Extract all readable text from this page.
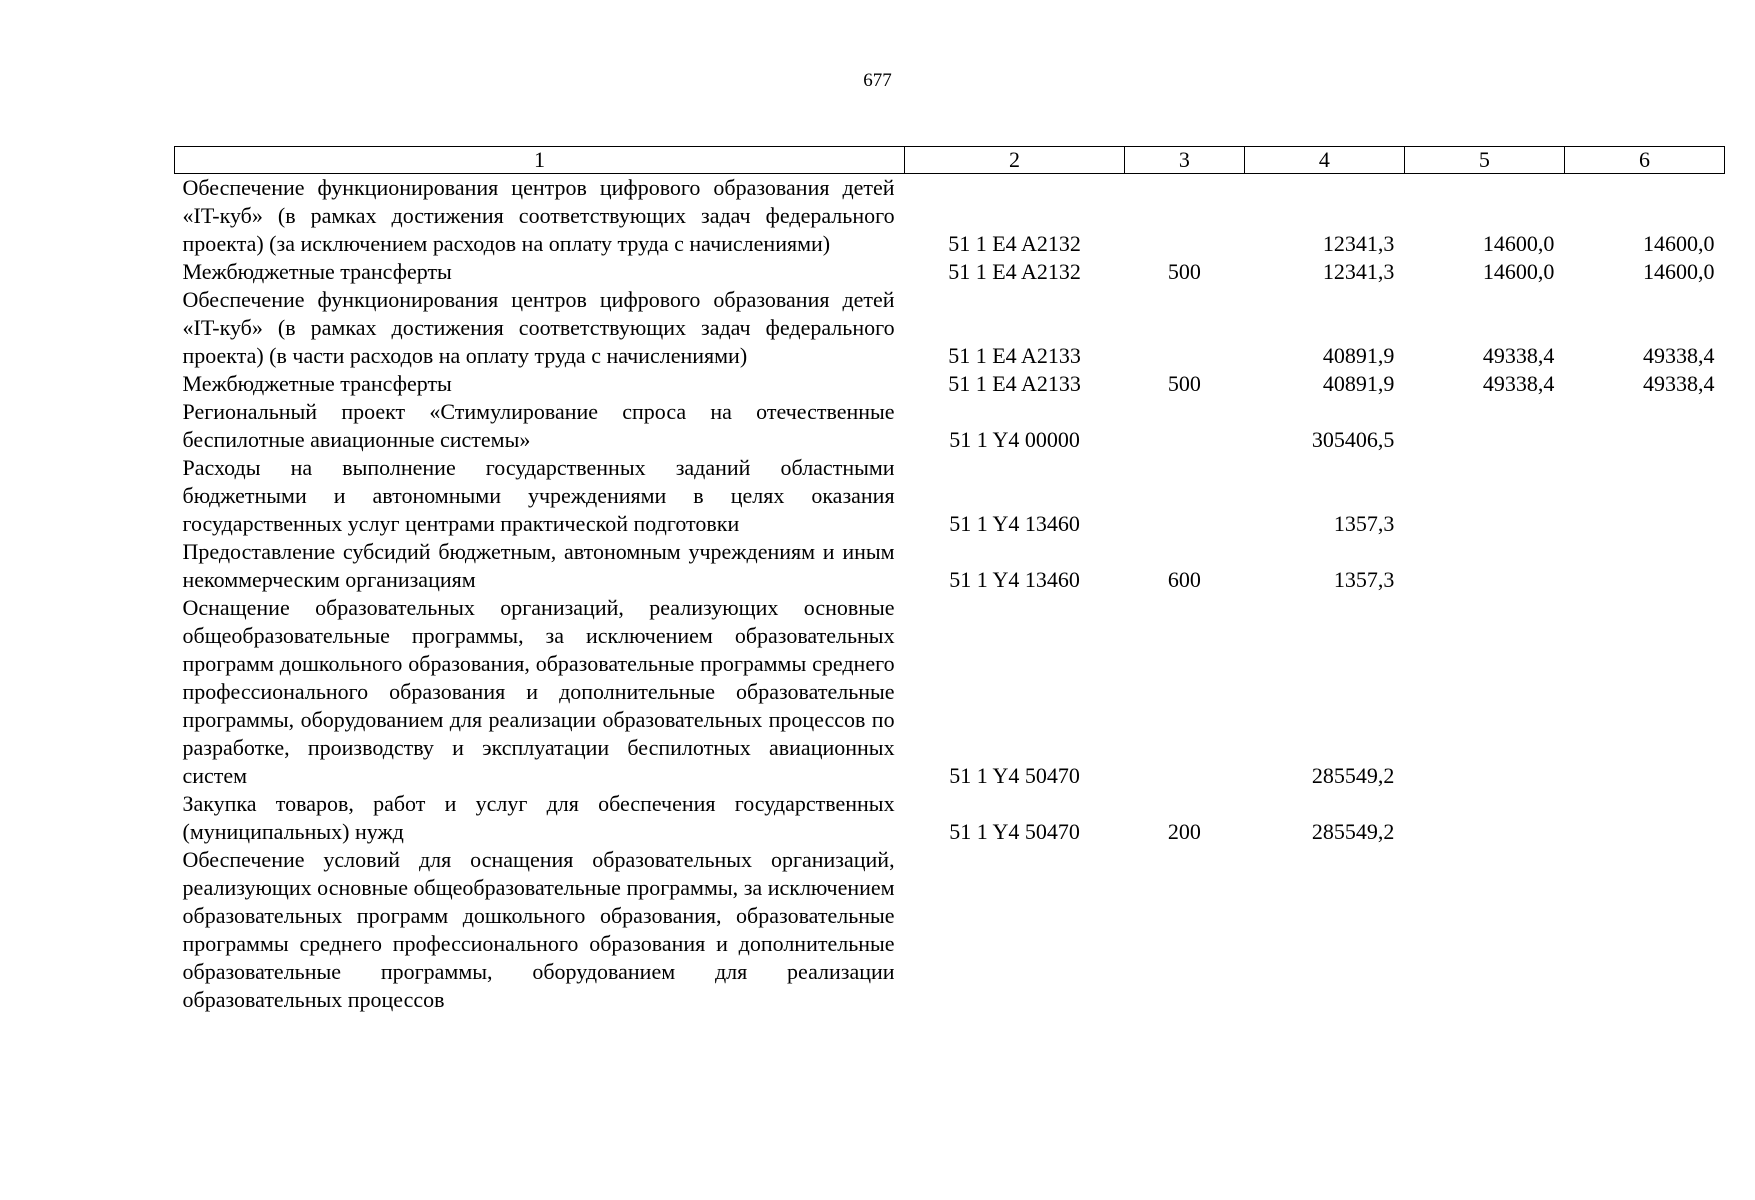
677
1	2	3	4	5	6
Обеспечение функционирования центров цифрового образования детей «IT-куб» (в рамках достижения соответствующих задач федерального проекта) (за исключением расходов на оплату труда с начислениями)	51 1 E4 A2132		12341,3	14600,0	14600,0
Межбюджетные трансферты	51 1 E4 A2132	500	12341,3	14600,0	14600,0
Обеспечение функционирования центров цифрового образования детей «IT-куб» (в рамках достижения соответствующих задач федерального проекта) (в части расходов на оплату труда с начислениями)	51 1 E4 A2133		40891,9	49338,4	49338,4
Межбюджетные трансферты	51 1 E4 A2133	500	40891,9	49338,4	49338,4
Региональный проект «Стимулирование спроса на отечественные беспилотные авиационные системы»	51 1 Y4 00000		305406,5		
Расходы на выполнение государственных заданий областными бюджетными и автономными учреждениями в целях оказания государственных услуг центрами практической подготовки	51 1 Y4 13460		1357,3		
Предоставление субсидий бюджетным, автономным учреждениям и иным некоммерческим организациям	51 1 Y4 13460	600	1357,3		
Оснащение образовательных организаций, реализующих основные общеобразовательные программы, за исключением образовательных программ дошкольного образования, образовательные программы среднего профессионального образования и дополнительные образовательные программы, оборудованием для реализации образовательных процессов по разработке, производству и эксплуатации беспилотных авиационных систем	51 1 Y4 50470		285549,2		
Закупка товаров, работ и услуг для обеспечения государственных (муниципальных) нужд	51 1 Y4 50470	200	285549,2		
Обеспечение условий для оснащения образовательных организаций, реализующих основные общеобразовательные программы, за исключением образовательных программ дошкольного образования, образовательные программы среднего профессионального образования и дополнительные образовательные программы, оборудованием для реализации образовательных процессов					
